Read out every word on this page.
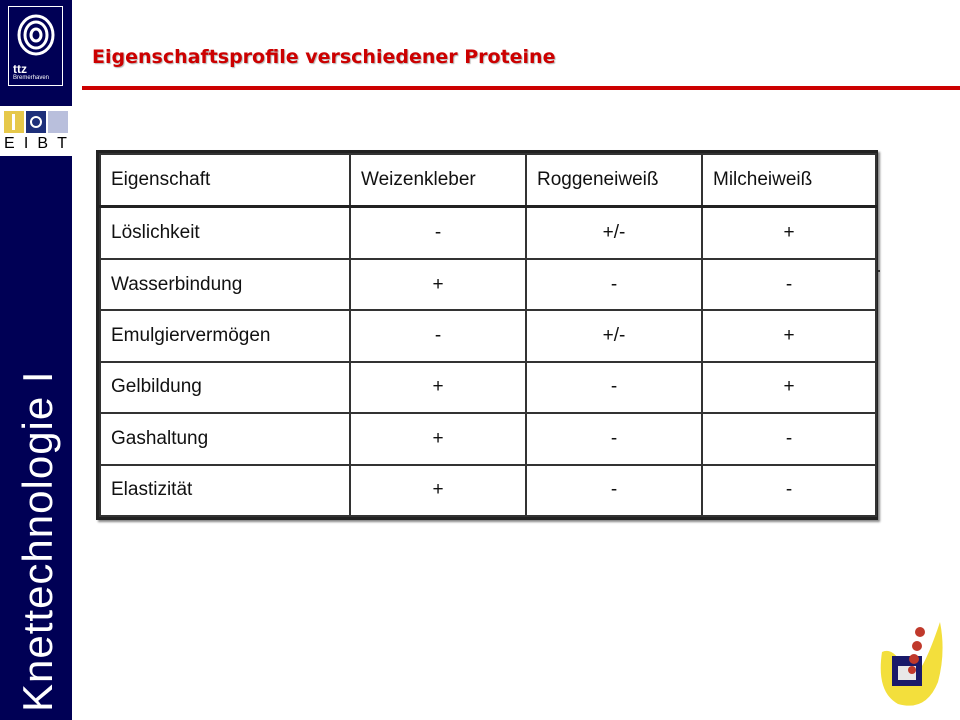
ttz
Bremerhaven
E I B T
Knettechnologie I
Eigenschaftsprofile verschiedener Proteine
Eigenschaft	Weizenkleber	Roggeneiweiß	Milcheiweiß
Löslichkeit	-	+/-	+
Wasserbindung	+	-	-
Emulgiervermögen	-	+/-	+
Gelbildung	+	-	+
Gashaltung	+	-	-
Elastizität	+	-	-
